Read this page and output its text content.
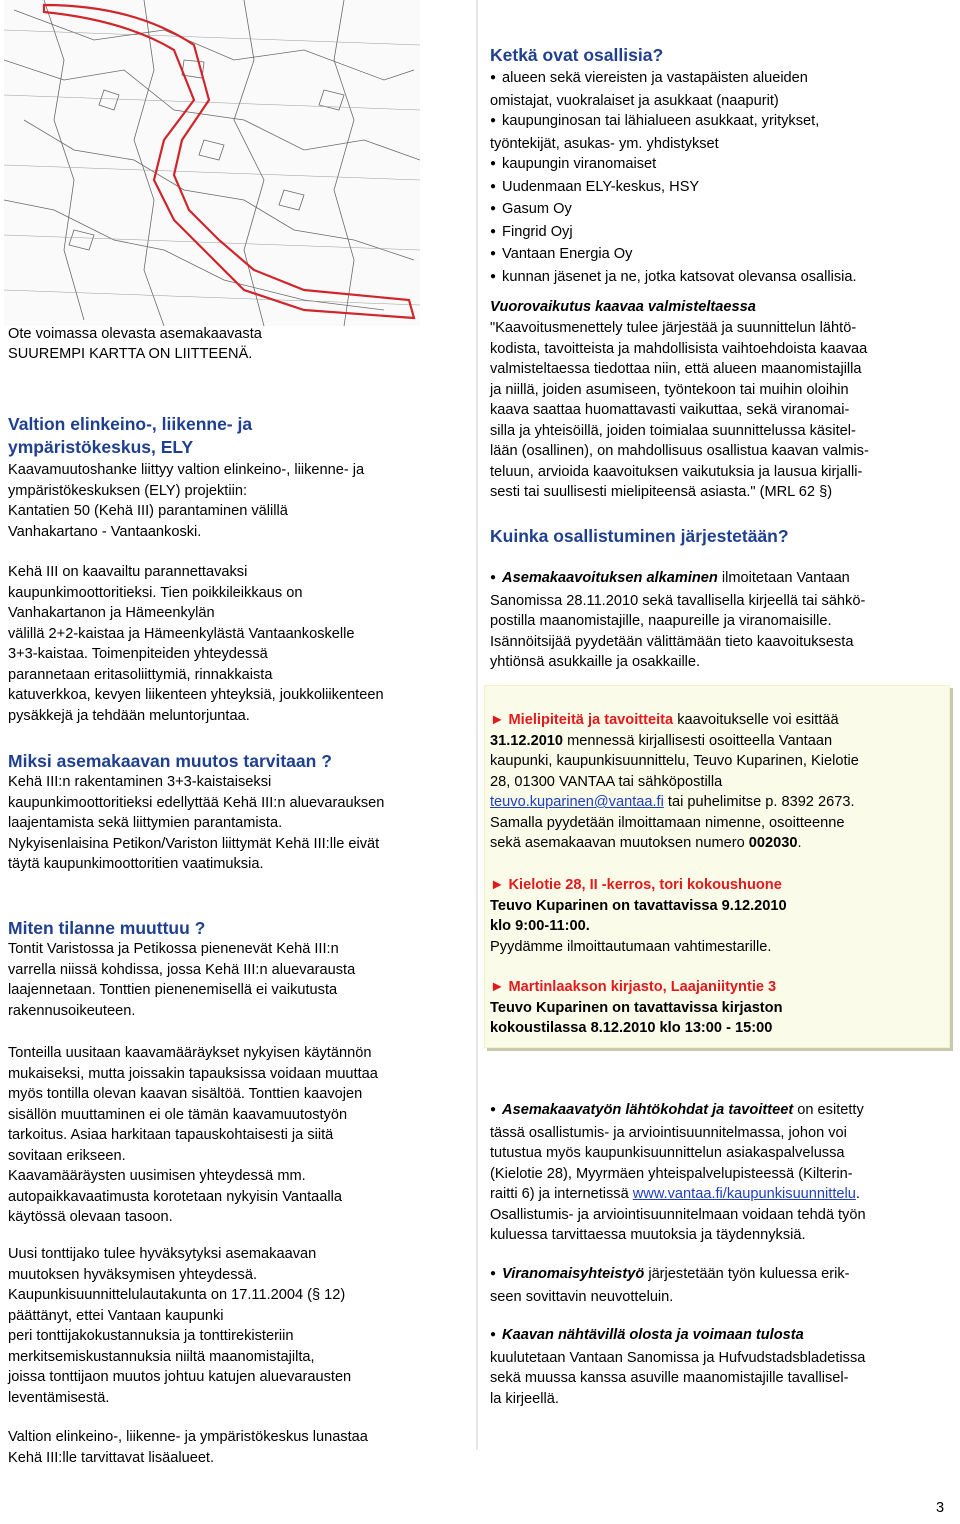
Ote voimassa olevasta asemakaavasta
SUUREMPI KARTTA ON LIITTEENÄ.
Valtion elinkeino-, liikenne- ja
ympäristökeskus, ELY
Kaavamuutoshanke liittyy valtion elinkeino-, liikenne- ja
ympäristökeskuksen (ELY) projektiin:
Kantatien 50 (Kehä III) parantaminen välillä
Vanhakartano - Vantaankoski.
Kehä III on kaavailtu parannettavaksi
kaupunkimoottoritieksi. Tien poikkileikkaus on
Vanhakartanon ja Hämeenkylän
välillä 2+2-kaistaa ja Hämeenkylästä Vantaankoskelle
3+3-kaistaa. Toimenpiteiden yhteydessä
parannetaan eritasoliittymiä, rinnakkaista
katuverkkoa, kevyen liikenteen yhteyksiä, joukkoliikenteen
pysäkkejä ja tehdään meluntorjuntaa.
Miksi asemakaavan muutos tarvitaan ?
Kehä III:n rakentaminen 3+3-kaistaiseksi
kaupunkimoottoritieksi edellyttää Kehä III:n aluevarauksen
laajentamista sekä liittymien parantamista.
Nykyisenlaisina Petikon/Variston liittymät Kehä III:lle eivät
täytä kaupunkimoottoritien vaatimuksia.
Miten tilanne muuttuu ?
Tontit Varistossa ja Petikossa pienenevät Kehä III:n
varrella niissä kohdissa, jossa Kehä III:n aluevarausta
laajennetaan. Tonttien pienenemisellä ei vaikutusta
rakennusoikeuteen.
Tonteilla uusitaan kaavamääräykset nykyisen käytännön
mukaiseksi, mutta joissakin tapauksissa voidaan muuttaa
myös tontilla olevan kaavan sisältöä. Tonttien kaavojen
sisällön muuttaminen ei ole tämän kaavamuutostyön
tarkoitus. Asiaa harkitaan tapauskohtaisesti ja siitä
sovitaan erikseen.
Kaavamääräysten uusimisen yhteydessä mm.
autopaikkavaatimusta korotetaan nykyisin Vantaalla
käytössä olevaan tasoon.
Uusi tonttijako tulee hyväksytyksi asemakaavan
muutoksen hyväksymisen yhteydessä.
Kaupunkisuunnittelulautakunta on 17.11.2004 (§ 12)
päättänyt, ettei Vantaan kaupunki
peri tonttijakokustannuksia ja tonttirekisteriin
merkitsemiskustannuksia niiltä maanomistajilta,
joissa tonttijaon muutos johtuu katujen aluevarausten
leventämisestä.
Valtion elinkeino-, liikenne- ja ympäristökeskus lunastaa
Kehä III:lle tarvittavat lisäalueet.
Ketkä ovat osallisia?
● alueen sekä viereisten ja vastapäisten alueiden
omistajat, vuokralaiset ja asukkaat (naapurit)
● kaupunginosan tai lähialueen asukkaat, yritykset,
työntekijät, asukas- ym. yhdistykset
● kaupungin viranomaiset
● Uudenmaan ELY-keskus, HSY
● Gasum Oy
● Fingrid Oyj
● Vantaan Energia Oy
● kunnan jäsenet ja ne, jotka katsovat olevansa osallisia.
Vuorovaikutus kaavaa valmisteltaessa
"Kaavoitusmenettely tulee järjestää ja suunnittelun lähtö-
kodista, tavoitteista ja mahdollisista vaihtoehdoista kaavaa
valmisteltaessa tiedottaa niin, että alueen maanomistajilla
ja niillä, joiden asumiseen, työntekoon tai muihin oloihin
kaava saattaa huomattavasti vaikuttaa, sekä viranomai-
silla ja yhteisöillä, joiden toimialaa suunnittelussa käsitel-
lään (osallinen), on mahdollisuus osallistua kaavan valmis-
teluun, arvioida kaavoituksen vaikutuksia ja lausua kirjalli-
sesti tai suullisesti mielipiteensä asiasta." (MRL 62 §)
Kuinka osallistuminen järjestetään?
● Asemakaavoituksen alkaminen ilmoitetaan Vantaan
Sanomissa 28.11.2010 sekä tavallisella kirjeellä tai sähkö-
postilla maanomistajille, naapureille ja viranomaisille.
Isännöitsijää pyydetään välittämään tieto kaavoituksesta
yhtiönsä asukkaille ja osakkaille.
► Mielipiteitä ja tavoitteita kaavoitukselle voi esittää
31.12.2010 mennessä kirjallisesti osoitteella Vantaan
kaupunki, kaupunkisuunnittelu, Teuvo Kuparinen, Kielotie
28, 01300 VANTAA tai sähköpostilla
teuvo.kuparinen@vantaa.fi tai puhelimitse p. 8392 2673.
Samalla pyydetään ilmoittamaan nimenne, osoitteenne
sekä asemakaavan muutoksen numero 002030.
► Kielotie 28, II -kerros, tori kokoushuone
Teuvo Kuparinen on tavattavissa 9.12.2010
klo 9:00-11:00.
Pyydämme ilmoittautumaan vahtimestarille.
► Martinlaakson kirjasto, Laajaniityntie 3
Teuvo Kuparinen on tavattavissa kirjaston
kokoustilassa 8.12.2010 klo 13:00 - 15:00
● Asemakaavatyön lähtökohdat ja tavoitteet on esitetty
tässä osallistumis- ja arviointisuunnitelmassa, johon voi
tutustua myös kaupunkisuunnittelun asiakaspalvelussa
(Kielotie 28), Myyrmäen yhteispalvelupisteessä (Kilterin-
raitti 6) ja internetissä www.vantaa.fi/kaupunkisuunnittelu.
Osallistumis- ja arviointisuunnitelmaan voidaan tehdä työn
kuluessa tarvittaessa muutoksia ja täydennyksiä.
● Viranomaisyhteistyö järjestetään työn kuluessa erik-
seen sovittavin neuvotteluin.
● Kaavan nähtävillä olosta ja voimaan tulosta
kuulutetaan Vantaan Sanomissa ja Hufvudstadsbladetissa
sekä muussa kanssa asuville maanomistajille tavallisel-
la kirjeellä.
3
